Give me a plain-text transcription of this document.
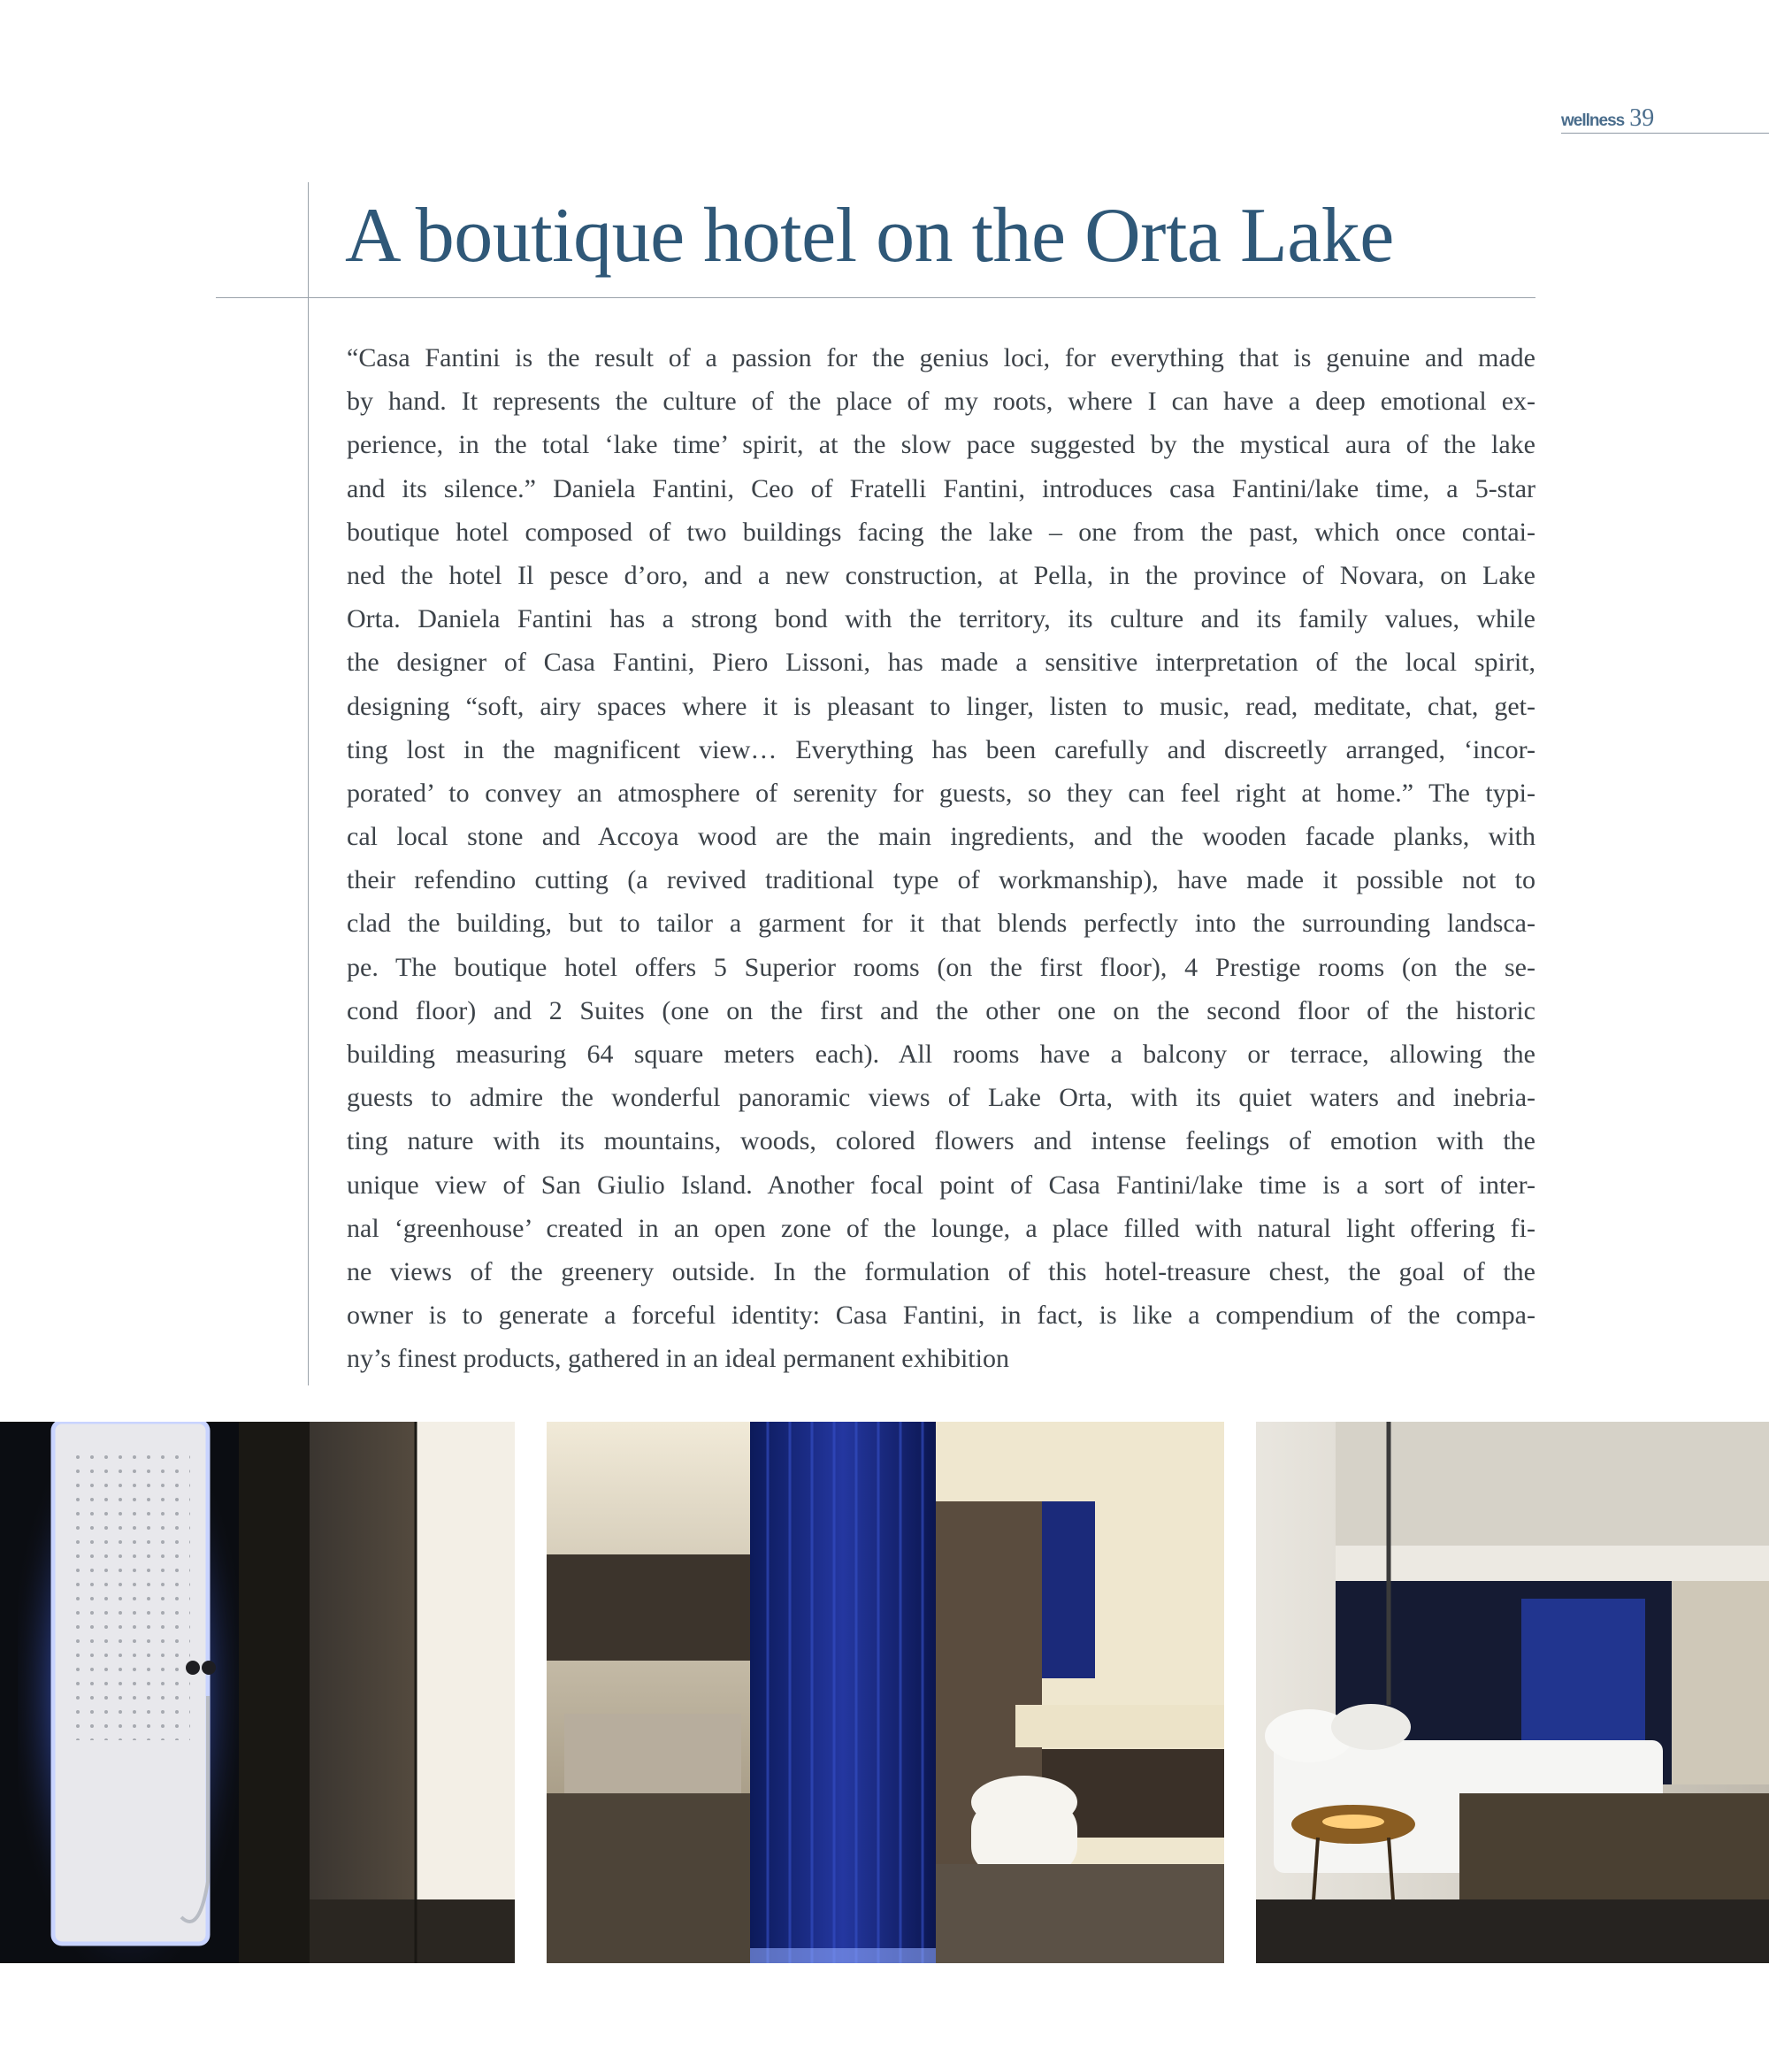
wellness 39
A boutique hotel on the Orta Lake
“Casa Fantini is the result of a passion for the genius loci, for everything that is genuine and made
by hand. It represents the culture of the place of my roots, where I can have a deep emotional ex-
perience, in the total ‘lake time’ spirit, at the slow pace suggested by the mystical aura of the lake
and its silence.” Daniela Fantini, Ceo of Fratelli Fantini, introduces casa Fantini/lake time, a 5-star
boutique hotel composed of two buildings facing the lake – one from the past, which once contai-
ned the hotel Il pesce d’oro, and a new construction, at Pella, in the province of Novara, on Lake
Orta. Daniela Fantini has a strong bond with the territory, its culture and its family values, while
the designer of Casa Fantini, Piero Lissoni, has made a sensitive interpretation of the local spirit,
designing “soft, airy spaces where it is pleasant to linger, listen to music, read, meditate, chat, get-
ting lost in the magnificent view… Everything has been carefully and discreetly arranged, ‘incor-
porated’ to convey an atmosphere of serenity for guests, so they can feel right at home.” The typi-
cal local stone and Accoya wood are the main ingredients, and the wooden facade planks, with
their refendino cutting (a revived traditional type of workmanship), have made it possible not to
clad the building, but to tailor a garment for it that blends perfectly into the surrounding landsca-
pe. The boutique hotel offers 5 Superior rooms (on the first floor), 4 Prestige rooms (on the se-
cond floor) and 2 Suites (one on the first and the other one on the second floor of the historic
building measuring 64 square meters each). All rooms have a balcony or terrace, allowing the
guests to admire the wonderful panoramic views of Lake Orta, with its quiet waters and inebria-
ting nature with its mountains, woods, colored flowers and intense feelings of emotion with the
unique view of San Giulio Island. Another focal point of Casa Fantini/lake time is a sort of inter-
nal ‘greenhouse’ created in an open zone of the lounge, a place filled with natural light offering fi-
ne views of the greenery outside. In the formulation of this hotel-treasure chest, the goal of the
owner is to generate a forceful identity: Casa Fantini, in fact, is like a compendium of the compa-
ny’s finest products, gathered in an ideal permanent exhibition
